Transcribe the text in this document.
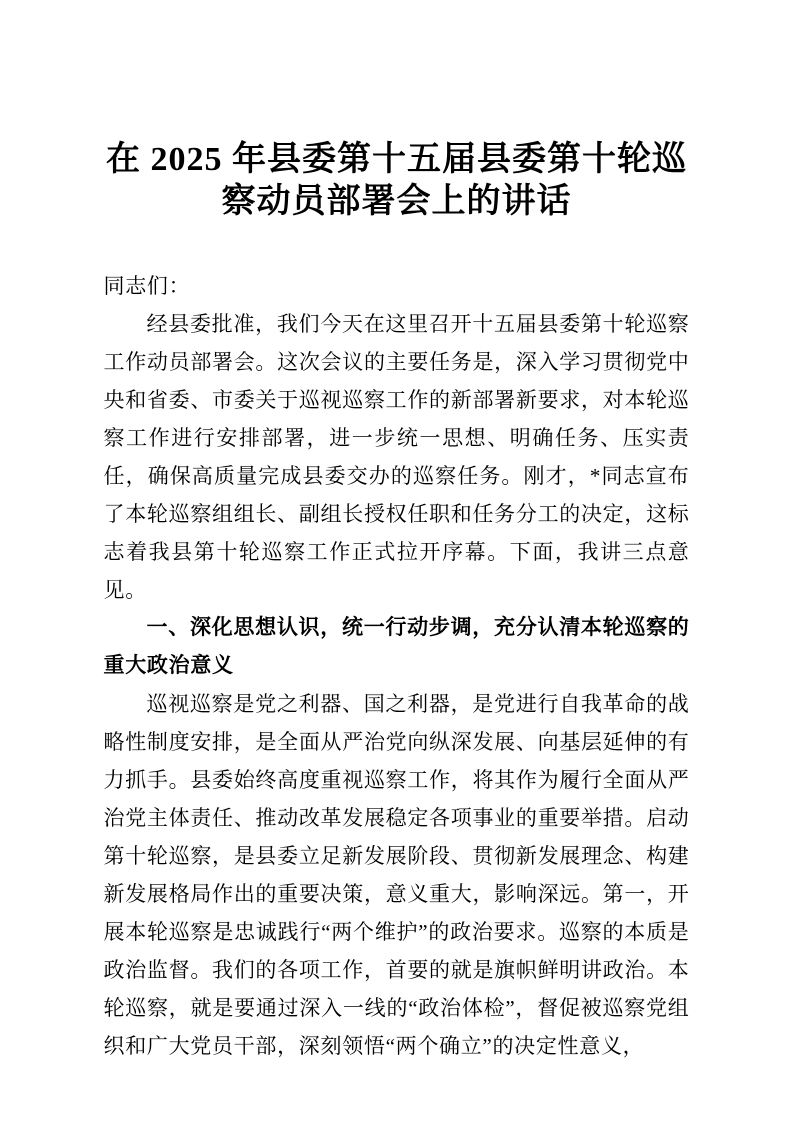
在 2025 年县委第十五届县委第十轮巡察动员部署会上的讲话

同志们：

经县委批准，我们今天在这里召开十五届县委第十轮巡察工作动员部署会。这次会议的主要任务是，深入学习贯彻党中央和省委、市委关于巡视巡察工作的新部署新要求，对本轮巡察工作进行安排部署，进一步统一思想、明确任务、压实责任，确保高质量完成县委交办的巡察任务。刚才，*同志宣布了本轮巡察组组长、副组长授权任职和任务分工的决定，这标志着我县第十轮巡察工作正式拉开序幕。下面，我讲三点意见。

一、深化思想认识，统一行动步调，充分认清本轮巡察的重大政治意义

巡视巡察是党之利器、国之利器，是党进行自我革命的战略性制度安排，是全面从严治党向纵深发展、向基层延伸的有力抓手。县委始终高度重视巡察工作，将其作为履行全面从严治党主体责任、推动改革发展稳定各项事业的重要举措。启动第十轮巡察，是县委立足新发展阶段、贯彻新发展理念、构建新发展格局作出的重要决策，意义重大，影响深远。第一，开展本轮巡察是忠诚践行“两个维护”的政治要求。巡察的本质是政治监督。我们的各项工作，首要的就是旗帜鲜明讲政治。本轮巡察，就是要通过深入一线的“政治体检”，督促被巡察党组织和广大党员干部，深刻领悟“两个确立”的决定性意义，
